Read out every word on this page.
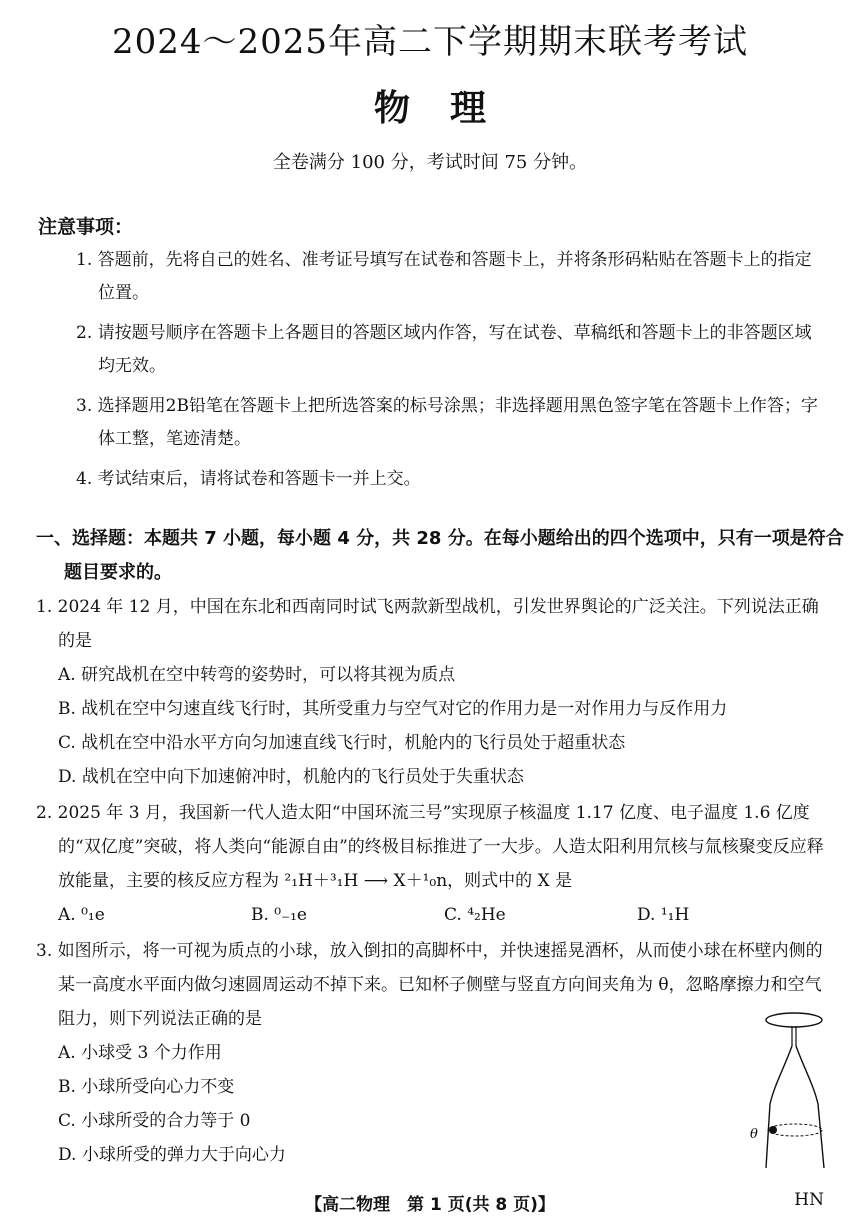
2024～2025年高二下学期期末联考考试
物理
全卷满分 100 分，考试时间 75 分钟。
注意事项：
1. 答题前，先将自己的姓名、准考证号填写在试卷和答题卡上，并将条形码粘贴在答题卡上的指定位置。
2. 请按题号顺序在答题卡上各题目的答题区域内作答，写在试卷、草稿纸和答题卡上的非答题区域均无效。
3. 选择题用2B铅笔在答题卡上把所选答案的标号涂黑；非选择题用黑色签字笔在答题卡上作答；字体工整，笔迹清楚。
4. 考试结束后，请将试卷和答题卡一并上交。
一、选择题：本题共 7 小题，每小题 4 分，共 28 分。在每小题给出的四个选项中，只有一项是符合题目要求的。
1. 2024 年 12 月，中国在东北和西南同时试飞两款新型战机，引发世界舆论的广泛关注。下列说法正确的是
A. 研究战机在空中转弯的姿势时，可以将其视为质点
B. 战机在空中匀速直线飞行时，其所受重力与空气对它的作用力是一对作用力与反作用力
C. 战机在空中沿水平方向匀加速直线飞行时，机舱内的飞行员处于超重状态
D. 战机在空中向下加速俯冲时，机舱内的飞行员处于失重状态
2. 2025 年 3 月，我国新一代人造太阳“中国环流三号”实现原子核温度 1.17 亿度、电子温度 1.6 亿度的“双亿度”突破，将人类向“能源自由”的终极目标推进了一大步。人造太阳利用氘核与氚核聚变反应释放能量，主要的核反应方程为 ²₁H＋³₁H ⟶ X＋¹₀n，则式中的 X 是
A. ⁰₁e	B. ⁰₋₁e	C. ⁴₂He	D. ¹₁H
3. 如图所示，将一可视为质点的小球，放入倒扣的高脚杯中，并快速摇晃酒杯，从而使小球在杯壁内侧的某一高度水平面内做匀速圆周运动不掉下来。已知杯子侧壁与竖直方向间夹角为 θ，忽略摩擦力和空气阻力，则下列说法正确的是
A. 小球受 3 个力作用
B. 小球所受向心力不变
C. 小球所受的合力等于 0
D. 小球所受的弹力大于向心力
θ
【高二物理　第 1 页(共 8 页)】	HN
